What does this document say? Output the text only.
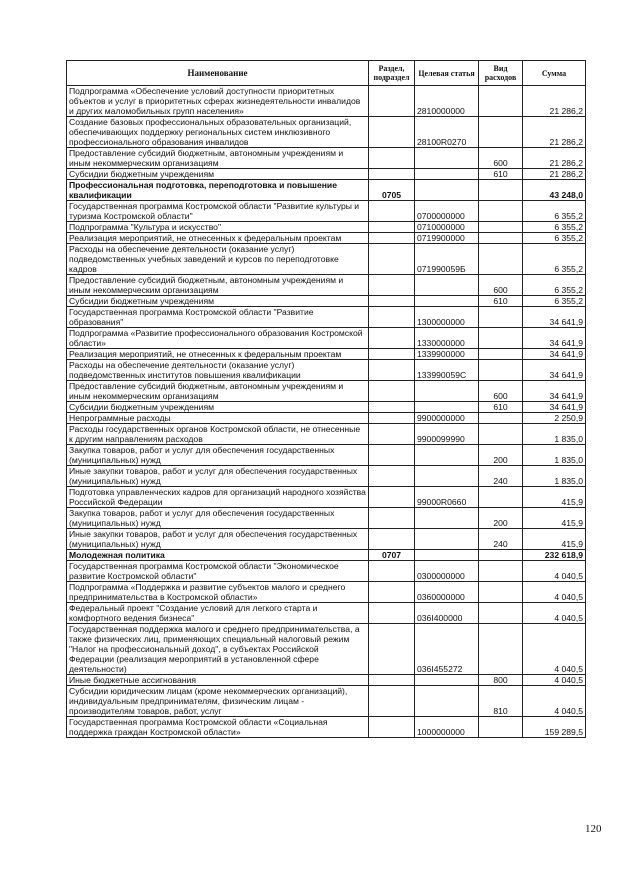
Наименование	Раздел, подраздел	Целевая статья	Вид расходов	Сумма
Подпрограмма «Обеспечение условий доступности приоритетных объектов и услуг в приоритетных сферах жизнедеятельности инвалидов и других маломобильных групп населения»		2810000000		21 286,2
Создание базовых профессиональных образовательных организаций, обеспечивающих поддержку региональных систем инклюзивного профессионального образования инвалидов		28100R0270		21 286,2
Предоставление субсидий бюджетным, автономным учреждениям и иным некоммерческим организациям			600	21 286,2
Субсидии бюджетным учреждениям			610	21 286,2
Профессиональная подготовка, переподготовка и повышение квалификации	0705			43 248,0
Государственная программа Костромской области "Развитие культуры и туризма Костромской области"		0700000000		6 355,2
Подпрограмма "Культура и искусство"		0710000000		6 355,2
Реализация мероприятий, не отнесенных к федеральным проектам		0719900000		6 355,2
Расходы на обеспечение деятельности (оказание услуг) подведомственных учебных заведений и курсов по переподготовке кадров		071990059Б		6 355,2
Предоставление субсидий бюджетным, автономным учреждениям и иным некоммерческим организациям			600	6 355,2
Субсидии бюджетным учреждениям			610	6 355,2
Государственная программа Костромской области "Развитие образования"		1300000000		34 641,9
Подпрограмма «Развитие профессионального образования Костромской области»		1330000000		34 641,9
Реализация мероприятий, не отнесенных к федеральным проектам		1339900000		34 641,9
Расходы на обеспечение деятельности (оказание услуг) подведомственных институтов повышения квалификации		133990059С		34 641,9
Предоставление субсидий бюджетным, автономным учреждениям и иным некоммерческим организациям			600	34 641,9
Субсидии бюджетным учреждениям			610	34 641,9
Непрограммные расходы		9900000000		2 250,9
Расходы государственных органов Костромской области, не отнесенные к другим направлениям расходов		9900099990		1 835,0
Закупка товаров, работ и услуг для обеспечения государственных (муниципальных) нужд			200	1 835,0
Иные закупки товаров, работ и услуг для обеспечения государственных (муниципальных) нужд			240	1 835,0
Подготовка управленческих кадров для организаций народного хозяйства Российской Федерации		99000R0660		415,9
Закупка товаров, работ и услуг для обеспечения государственных (муниципальных) нужд			200	415,9
Иные закупки товаров, работ и услуг для обеспечения государственных (муниципальных) нужд			240	415,9
Молодежная политика	0707			232 618,9
Государственная программа Костромской области "Экономическое развитие Костромской области"		0300000000		4 040,5
Подпрограмма «Поддержка и развитие субъектов малого и среднего предпринимательства в Костромской области»		0360000000		4 040,5
Федеральный проект "Создание условий для легкого старта и комфортного ведения бизнеса"		036I400000		4 040,5
Государственная поддержка малого и среднего предпринимательства, а также физических лиц, применяющих специальный налоговый режим "Налог на профессиональный доход", в субъектах Российской Федерации (реализация мероприятий в установленной сфере деятельности)		036I455272		4 040,5
Иные бюджетные ассигнования			800	4 040,5
Субсидии юридическим лицам (кроме некоммерческих организаций), индивидуальным предпринимателям, физическим лицам - производителям товаров, работ, услуг			810	4 040,5
Государственная программа Костромской области «Социальная поддержка граждан Костромской области»		1000000000		159 289,5
120
